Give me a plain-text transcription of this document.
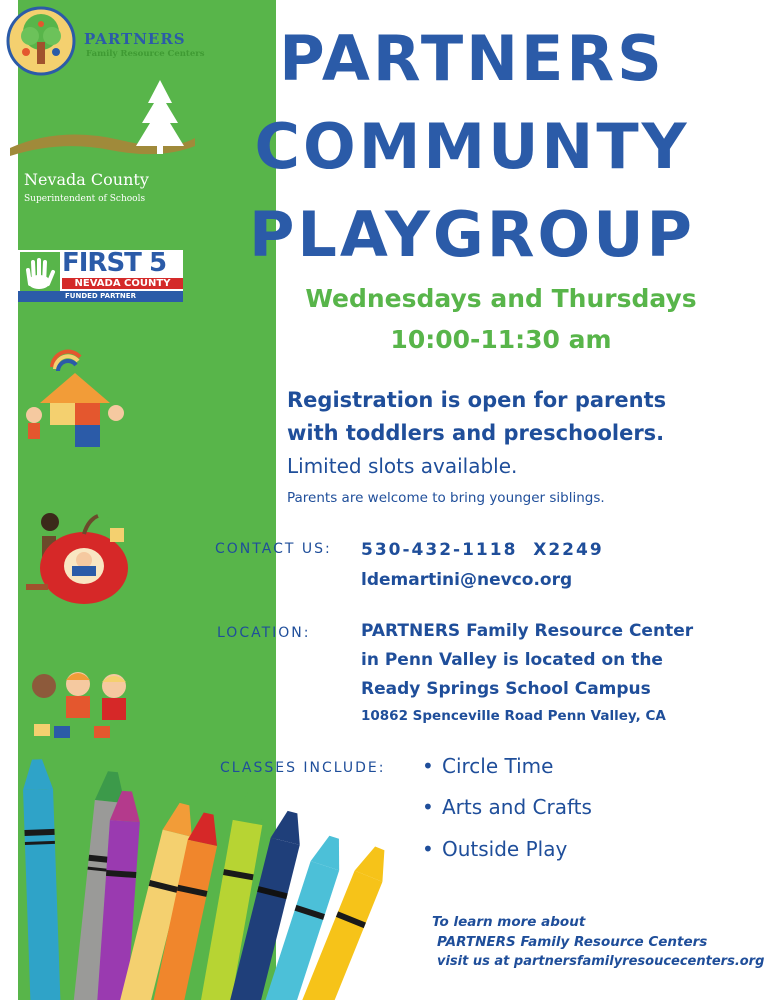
PARTNERS
Family Resource Centers
Nevada County
Superintendent of Schools
FIRST 5
NEVADA COUNTY
FUNDED PARTNER
PARTNERS
COMMUNTY
PLAYGROUP
Wednesdays and Thursdays
10:00-11:30 am
Registration is open for parents
with toddlers and preschoolers.
Limited slots available.
Parents are welcome to bring younger siblings.
CONTACT US: 530-432-1118  X2249
ldemartini@nevco.org
LOCATION:	PARTNERS Family Resource Center
in Penn Valley is located on the
Ready Springs School Campus
10862 Spenceville Road Penn Valley, CA
CLASSES INCLUDE:
•	Circle Time
• Arts and Crafts
• Outside Play
To learn more about
PARTNERS Family Resource Centers
visit us at partnersfamilyresoucecenters.org
